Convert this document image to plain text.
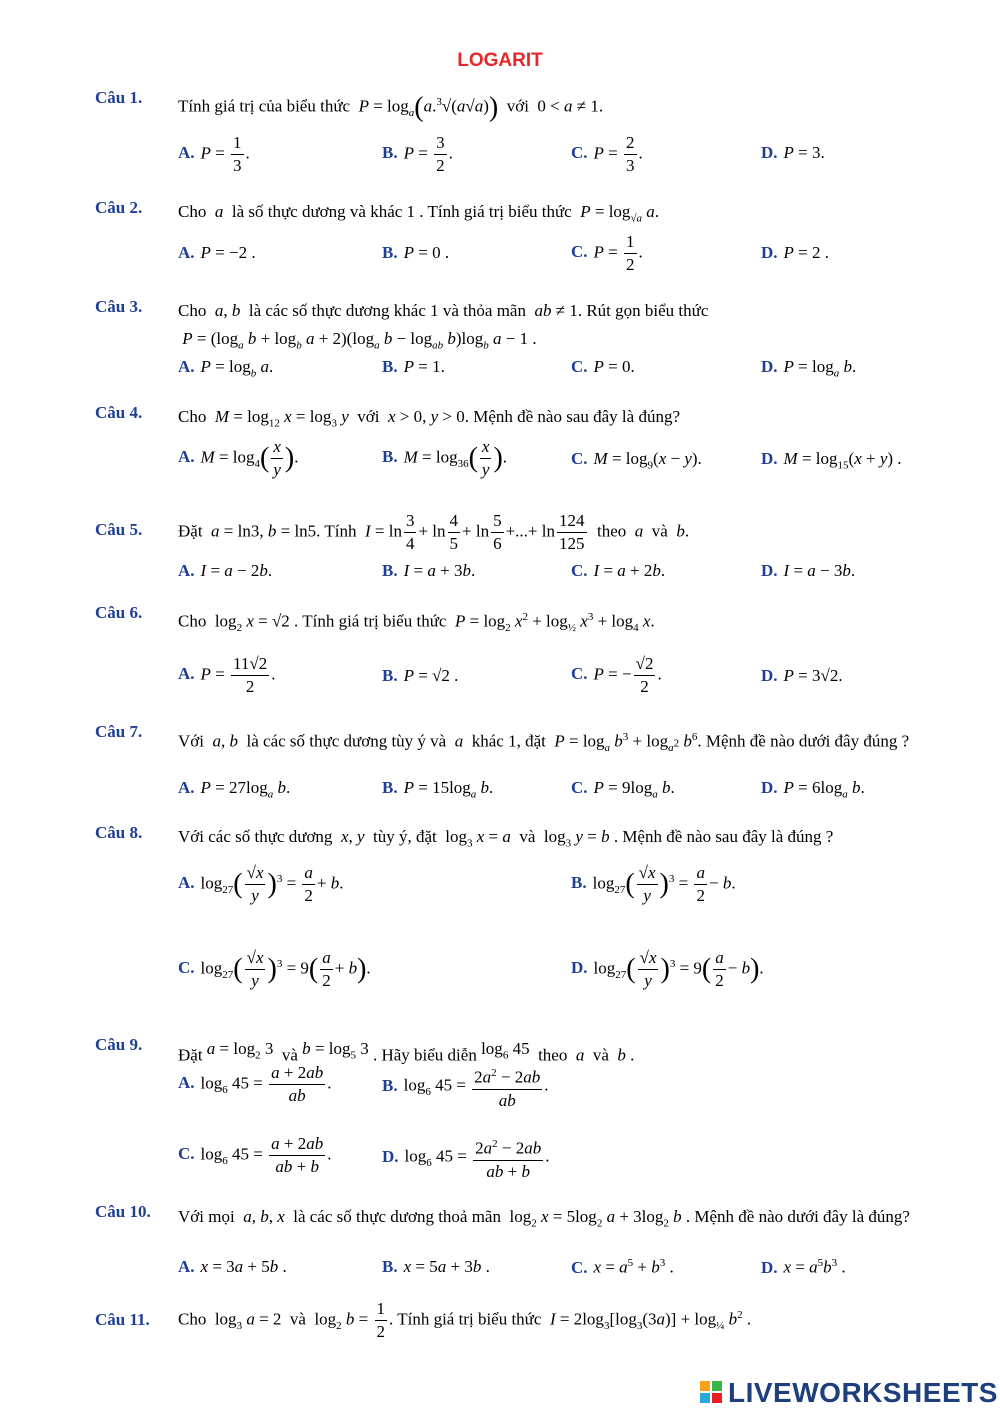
LOGARIT
Câu 1. Tính giá trị của biểu thức  $P = \log_a(a.^3√(a√a))$  với  0 < a ≠ 1.
A. $P = \frac{1}{3}$ .	B. $P = \frac{3}{2}$ .	C. $P = \frac{2}{3}$ .	D. P = 3.
Câu 2. Cho  a  là số thực dương và khác 1 . Tính giá trị biểu thức  $P = \log_{√a} a$.
A. P = −2 .	B. P = 0 .	C. $P = \frac{1}{2}$ .	D. P = 2 .
Câu 3. Cho  a, b  là các số thực dương khác 1 và thỏa mãn  ab ≠ 1. Rút gọn biểu thức
$P = (\log_a$ $b + \log_b a + 2)(\log_a$ $b - \log_{ab} b)\log_b$ a − 1 .
A. $P = \log_b a$.	B. P = 1.	C. P = 0.	D. $P = \log_a b$.
Câu 4. Cho  $M = \log_{12} x = \log_3 y$  với  x > 0, y > 0. Mệnh đề nào sau đây là đúng?
A. $M = \log_4( \frac{x}{y}$ ).	B. $M = \log_{36}( \frac{x}{y}$ ).	C. $M = \log_9(x - y)$.	D. $M = \log_{15}(x + y)$ .
Câu 5. Đặt  a = ln3, b = ln5. Tính  $I = \ln \frac{3}{4} + \ln \frac{4}{5} + \ln \frac{5}{6}$ +...+ $\ln \frac{124}{125}$ theo  a  và  b.
A. I = a − 2b.	B. I = a + 3b.	C. I = a + 2b.	D. I = a − 3b.
Câu 6. Cho  $\log_2 x = √2$ . Tính giá trị biểu thức  $P = \log_2 x^2 + \log_{\frac{1}{2}} x^3 + \log_4 x$.
A. $P = \frac{11√2}{2}$ .	B. P = √2 .	C. P = − $\frac{√2}{2}$ .	D. P = 3√2.
Câu 7.
Với  a, b  là các số thực dương tùy ý và  a  khác 1, đặt  $P = \log_a b^3 + \log_{a^2} b^6$. Mệnh đề nào dưới đây đúng ?
A. $P = 27\log_a$ b.	B. $P = 15\log_a$ b.	C. $P = 9\log_a$ b.	D. $P = 6\log_a$ b.
Câu 8. Với các số thực dương  x, y  tùy ý, đặt  $\log_3 x = a$  và  $\log_3 y = b$ . Mệnh đề nào sau đây là đúng ?
A. $\log_{27}( \frac{√x}{y} )^3 = \frac{a}{2} + b$.	B. $\log_{27}( \frac{√x}{y} )^3 = \frac{a}{2} - b$.
C. $\log_{27}( \frac{√x}{y} )^3 = 9( \frac{a}{2} + b)$.	D. $\log_{27}( \frac{√x}{y} )^3 = 9( \frac{a}{2} - b)$.
Câu 9.
Đặt $^{a = log_2 3}$  và $^{b = log_5 3}$ . Hãy biểu diễn $^{log_6 45}$  theo  a  và  b .
A. $\log_6 45 = \frac{a + 2ab}{ab}$ .	B. $\log_6 45 = \frac{2a^2 - 2ab}{ab}$ .
C. $\log_6 45 = \frac{a + 2ab}{ab + b}$ .	D. $\log_6 45 = \frac{2a^2 - 2ab}{ab + b}$ .
Câu 10. Với mọi  a, b, x  là các số thực dương thoả mãn  $\log_2 x = 5\log_2$ $a + 3\log_2$ b . Mệnh đề nào dưới đây là đúng?
A. x = 3a + 5b .	B. x = 5a + 3b .	C. $x = a^5 + b^3$ .	D. $x = a^5b^3$ .
Câu 11. Cho  $\log_3 a = 2$  và  $\log_2 b = \frac{1}{2}$ . Tính giá trị biểu thức  $I = 2\log_3[\log_3(3a)] + \log_{\frac{1}{4}} b^2$ .
LIVEWORKSHEETS
